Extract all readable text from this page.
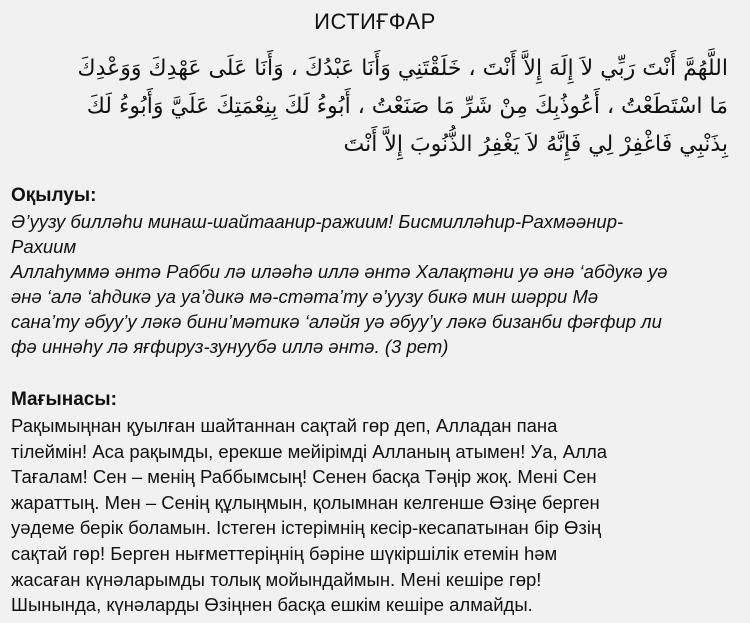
ИСТИҒФАР
اللَّهُمَّ أَنْتَ رَبِّي لاَ إِلَهَ إِلاَّ أَنْتَ ، خَلَقْتَنِي وَأَنَا عَبْدُكَ ، وَأَنَا عَلَى عَهْدِكَ وَوَعْدِكَ
مَا اسْتَطَعْتُ ، أَعُوذُبِكَ مِنْ شَرِّ مَا صَنَعْتُ ، أَبُوءُ لَكَ بِنِعْمَتِكَ عَلَيَّ وَأَبُوءُ لَكَ
بِذَنْبِي فَاغْفِرْ لِي فَإِنَّهُ لاَ يَغْفِرُ الذُّنُوبَ إِلاَّ أَنْتَ
Оқылуы:
Ә’уузу билләһи минаш-шайтаанир-ражиим! Бисмилләһир-Рахмәәнир-
Рахиим
Аллаһуммә әнтә Рабби лә иләәһә иллә әнтә Халақтәни уә әнә ‘абдукә уә
әнә ‘алә ‘аһдикә уа уа’дикә мә-стәта’ту ә’уузу бикә мин шәрри Мә
сана’ту әбуу’у ләкә бини’мәтикә ‘аләйя уә әбуу’у ләкә бизанби фәғфир ли
фә иннәһу лә яғфируз-зунуубә иллә әнтә. (3 рет)
Мағынасы:
Рақымыңнан қуылған шайтаннан сақтай гөр деп, Алладан пана
тілеймін! Аса рақымды, ерекше мейірімді Алланың атымен! Уа, Алла
Тағалам! Сен – менің Раббымсың! Сенен басқа Тәңір жоқ. Мені Сен
жараттың. Мен – Сенің құлыңмын, қолымнан келгенше Өзіңе берген
уәдеме берік боламын. Істеген істерімнің кесір-кесапатынан бір Өзің
сақтай гөр! Берген нығметтеріңнің бәріне шүкіршілік етемін һәм
жасаған күнәларымды толық мойындаймын. Мені кешіре гөр!
Шынында, күнәларды Өзіңнен басқа ешкім кешіре алмайды.
